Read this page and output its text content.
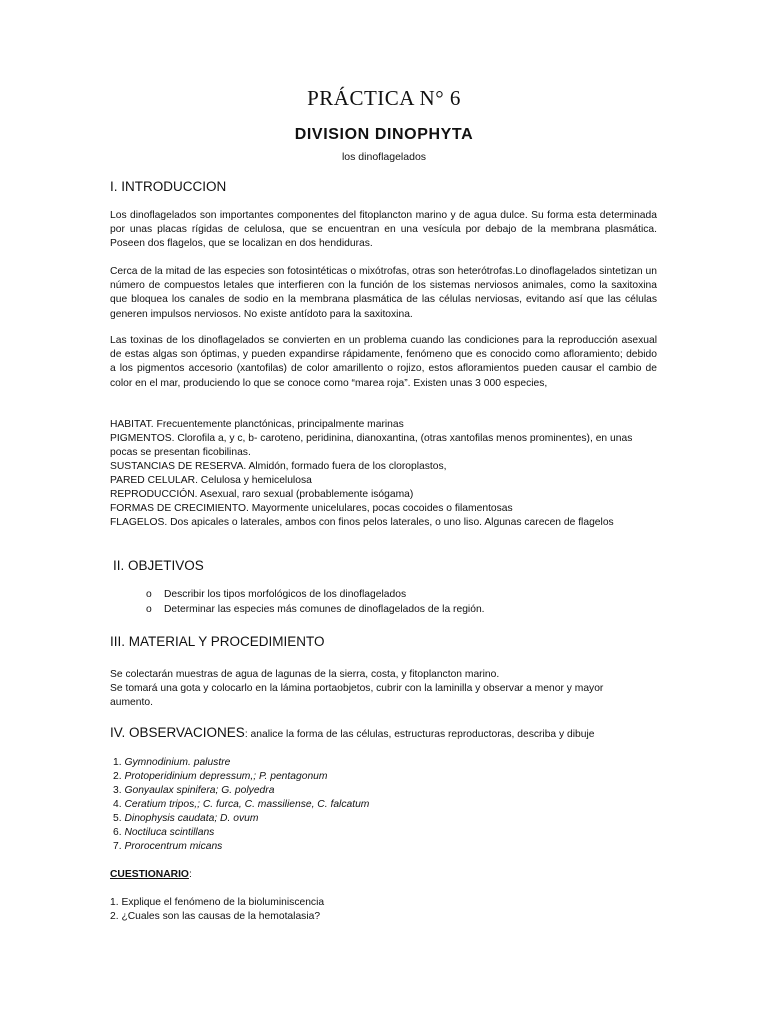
PRÁCTICA N° 6
DIVISION DINOPHYTA
los dinoflagelados
I. INTRODUCCION
Los dinoflagelados son importantes componentes del fitoplancton marino y de agua dulce. Su forma esta determinada por unas placas rígidas de celulosa, que se encuentran en una vesícula por debajo de la membrana plasmática. Poseen dos flagelos, que se localizan en dos hendiduras.
Cerca de la mitad de las especies son fotosintéticas o mixótrofas, otras son heterótrofas.Lo dinoflagelados sintetizan un número de compuestos letales que interfieren con la función de los sistemas nerviosos animales, como la saxitoxina que bloquea los canales de sodio en la membrana plasmática de las células nerviosas, evitando así que las células generen impulsos nerviosos. No existe antídoto para la saxitoxina.
Las toxinas de los dinoflagelados se convierten en un problema cuando las condiciones para la reproducción asexual de estas algas son óptimas, y pueden expandirse rápidamente, fenómeno que es conocido como afloramiento; debido a los pigmentos accesorio (xantofilas) de color amarillento o rojizo, estos afloramientos pueden causar el cambio de color en el mar, produciendo lo que se conoce como “marea roja”. Existen unas 3 000 especies,
HABITAT. Frecuentemente planctónicas, principalmente marinas
PIGMENTOS. Clorofila a, y c, b- caroteno, peridinina, dianoxantina, (otras xantofilas menos prominentes), en unas
pocas se presentan ficobilinas.
SUSTANCIAS DE RESERVA. Almidón, formado fuera de los cloroplastos,
PARED CELULAR. Celulosa y hemicelulosa
REPRODUCCIÓN. Asexual, raro sexual (probablemente isógama)
FORMAS DE CRECIMIENTO. Mayormente unicelulares, pocas cocoides o filamentosas
FLAGELOS. Dos apicales o laterales, ambos con finos pelos laterales, o uno liso. Algunas carecen de flagelos
II. OBJETIVOS
o Describir los tipos morfológicos de los dinoflagelados
o Determinar las especies más comunes de dinoflagelados de la región.
III. MATERIAL Y PROCEDIMIENTO
Se colectarán muestras de agua de lagunas de la sierra, costa, y fitoplancton marino.
Se tomará una gota y colocarlo en la lámina portaobjetos, cubrir con la laminilla y observar a menor y mayor
aumento.
IV. OBSERVACIONES: analice la forma de las células, estructuras reproductoras, describa y dibuje
1. Gymnodinium. palustre
2. Protoperidinium depressum,; P. pentagonum
3. Gonyaulax spinifera; G. polyedra
4. Ceratium tripos,; C. furca, C. massiliense, C. falcatum
5. Dinophysis caudata; D. ovum
6. Noctiluca scintillans
7. Prorocentrum micans
CUESTIONARIO:
1. Explique el fenómeno de la bioluminiscencia
2. ¿Cuales son las causas de la hemotalasia?
